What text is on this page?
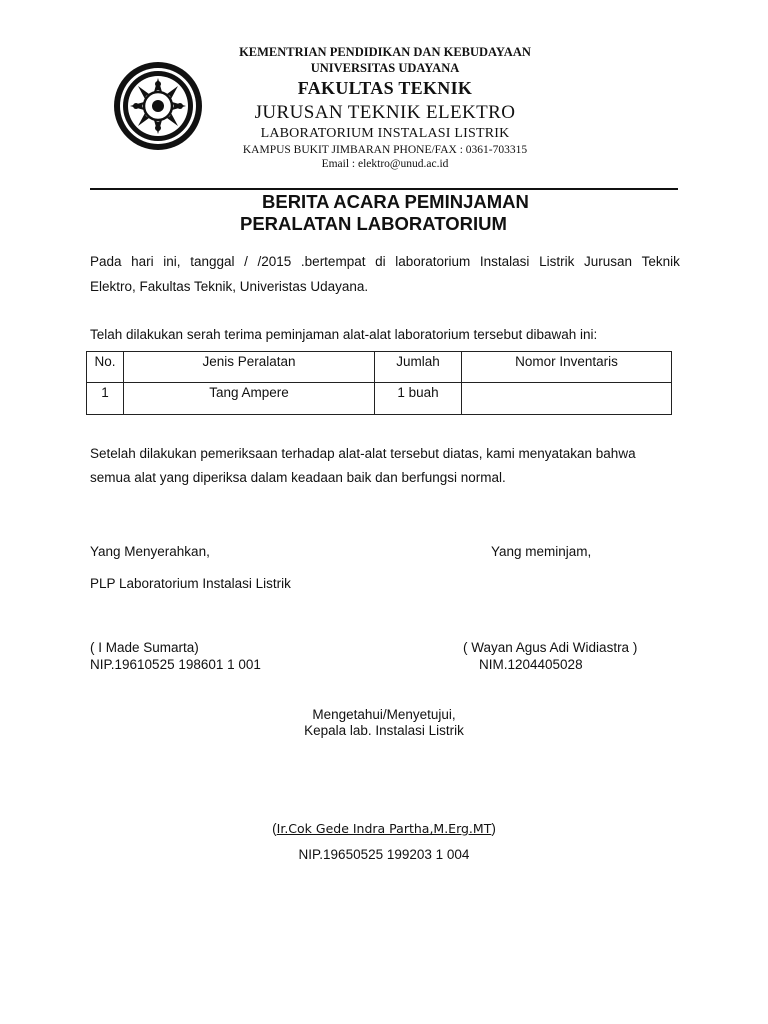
KEMENTRIAN PENDIDIKAN DAN KEBUDAYAAN
UNIVERSITAS UDAYANA
FAKULTAS TEKNIK
JURUSAN TEKNIK ELEKTRO
LABORATORIUM INSTALASI LISTRIK
KAMPUS BUKIT JIMBARAN PHONE/FAX : 0361-703315
Email : elektro@unud.ac.id
BERITA ACARA PEMINJAMAN
PERALATAN LABORATORIUM
Pada hari ini, tanggal / /2015 .bertempat di laboratorium Instalasi Listrik Jurusan Teknik
Elektro, Fakultas Teknik, Univeristas Udayana.
Telah dilakukan serah terima peminjaman alat-alat laboratorium tersebut dibawah ini:
No.	Jenis Peralatan	Jumlah	Nomor Inventaris
1	Tang Ampere	1 buah	
Setelah dilakukan pemeriksaan terhadap alat-alat tersebut diatas, kami menyatakan bahwa
semua alat yang diperiksa dalam keadaan baik dan berfungsi normal.
Yang Menyerahkan,	Yang meminjam,
PLP Laboratorium Instalasi Listrik
( I Made Sumarta)
NIP.19610525 198601 1 001
( Wayan Agus Adi Widiastra )
NIM.1204405028
Mengetahui/Menyetujui,
Kepala lab. Instalasi Listrik
(Ir.Cok Gede Indra Partha,M.Erg.MT)
NIP.19650525 199203 1 004
